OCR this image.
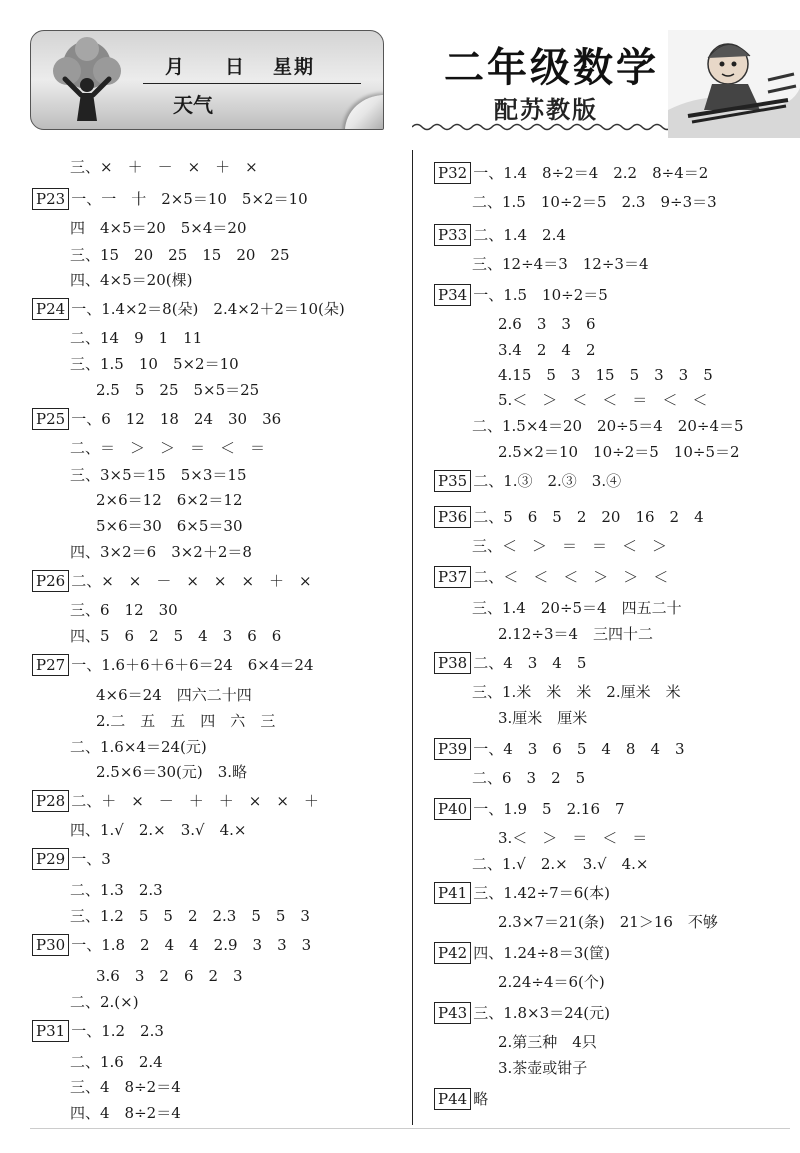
月 日 星期
天气
二年级数学
配苏教版
三、×　＋　－　×　＋　×
P23 一、一　十　2×5＝10　5×2＝10
四　4×5＝20　5×4＝20
三、15　20　25　15　20　25
四、4×5＝20(棵)
P24 一、1.4×2＝8(朵)　2.4×2＋2＝10(朵)
二、14　9　1　11
三、1.5　10　5×2＝10
2.5　5　25　5×5＝25
P25 一、6　12　18　24　30　36
二、＝　＞　＞　＝　＜　＝
三、3×5＝15　5×3＝15
2×6＝12　6×2＝12
5×6＝30　6×5＝30
四、3×2＝6　3×2＋2＝8
P26 二、×　×　－　×　×　×　＋　×
三、6　12　30
四、5　6　2　5　4　3　6　6
P27 一、1.6＋6＋6＋6＝24　6×4＝24
4×6＝24　四六二十四
2.二　五　五　四　六　三
二、1.6×4＝24(元)
2.5×6＝30(元)　3.略
P28 二、＋　×　－　＋　＋　×　×　＋
四、1.√　2.×　3.√　4.×
P29 一、3
二、1.3　2.3
三、1.2　5　5　2　2.3　5　5　3
P30 一、1.8　2　4　4　2.9　3　3　3
3.6　3　2　6　2　3
二、2.(×)
P31 一、1.2　2.3
二、1.6　2.4
三、4　8÷2＝4
四、4　8÷2＝4
P32 一、1.4　8÷2＝4　2.2　8÷4＝2
二、1.5　10÷2＝5　2.3　9÷3＝3
P33 二、1.4　2.4
三、12÷4＝3　12÷3＝4
P34 一、1.5　10÷2＝5
2.6　3　3　6
3.4　2　4　2
4.15　5　3　15　5　3　3　5
5.＜　＞　＜　＜　＝　＜　＜
二、1.5×4＝20　20÷5＝4　20÷4＝5
2.5×2＝10　10÷2＝5　10÷5＝2
P35 二、1.③　2.③　3.④
P36 二、5　6　5　2　20　16　2　4
三、＜　＞　＝　＝　＜　＞
P37 二、＜　＜　＜　＞　＞　＜
三、1.4　20÷5＝4　四五二十
2.12÷3＝4　三四十二
P38 二、4　3　4　5
三、1.米　米　米　2.厘米　米
3.厘米　厘米
P39 一、4　3　6　5　4　8　4　3
二、6　3　2　5
P40 一、1.9　5　2.16　7
3.＜　＞　＝　＜　＝
二、1.√　2.×　3.√　4.×
P41 三、1.42÷7＝6(本)
2.3×7＝21(条)　21＞16　不够
P42 四、1.24÷8＝3(筐)
2.24÷4＝6(个)
P43 三、1.8×3＝24(元)
2.第三种　4只
3.茶壶或钳子
P44 略
